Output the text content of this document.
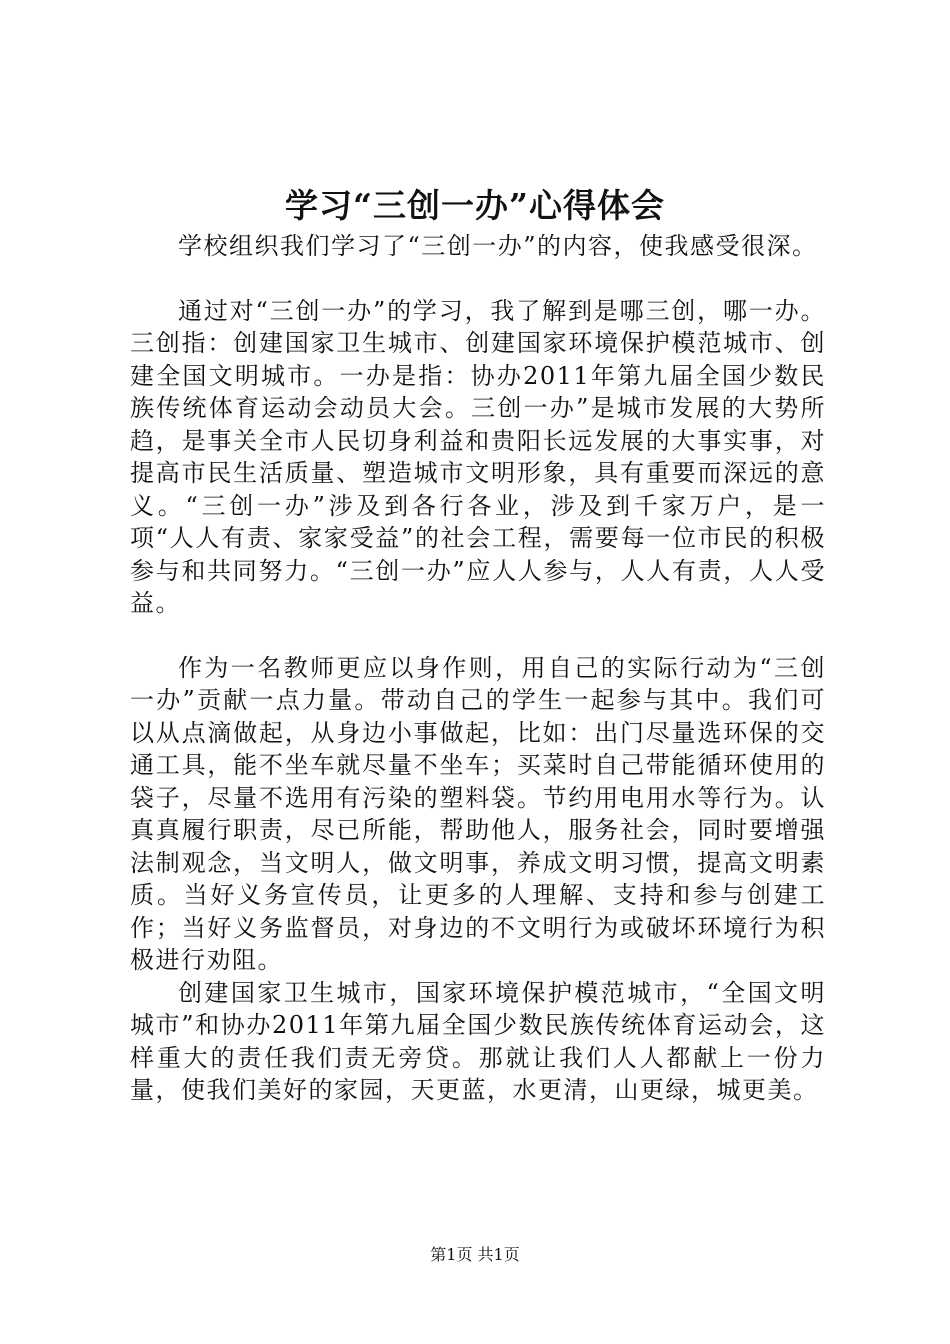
学习“三创一办”心得体会

学校组织我们学习了“三创一办”的内容，使我感受很深。

通过对“三创一办”的学习，我了解到是哪三创，哪一办。三创指：创建国家卫生城市、创建国家环境保护模范城市、创建全国文明城市。一办是指：协办2011年第九届全国少数民族传统体育运动会动员大会。三创一办”是城市发展的大势所趋，是事关全市人民切身利益和贵阳长远发展的大事实事，对提高市民生活质量、塑造城市文明形象，具有重要而深远的意义。“三创一办”涉及到各行各业，涉及到千家万户，是一项“人人有责、家家受益”的社会工程，需要每一位市民的积极参与和共同努力。“三创一办”应人人参与，人人有责，人人受益。

作为一名教师更应以身作则，用自己的实际行动为“三创一办”贡献一点力量。带动自己的学生一起参与其中。我们可以从点滴做起，从身边小事做起，比如：出门尽量选环保的交通工具，能不坐车就尽量不坐车；买菜时自己带能循环使用的袋子，尽量不选用有污染的塑料袋。节约用电用水等行为。认真真履行职责，尽已所能，帮助他人，服务社会，同时要增强法制观念，当文明人，做文明事，养成文明习惯，提高文明素质。当好义务宣传员，让更多的人理解、支持和参与创建工作；当好义务监督员，对身边的不文明行为或破坏环境行为积极进行劝阻。

创建国家卫生城市，国家环境保护模范城市，“全国文明城市”和协办2011年第九届全国少数民族传统体育运动会，这样重大的责任我们责无旁贷。那就让我们人人都献上一份力量，使我们美好的家园，天更蓝，水更清，山更绿，城更美。

第1页 共1页
